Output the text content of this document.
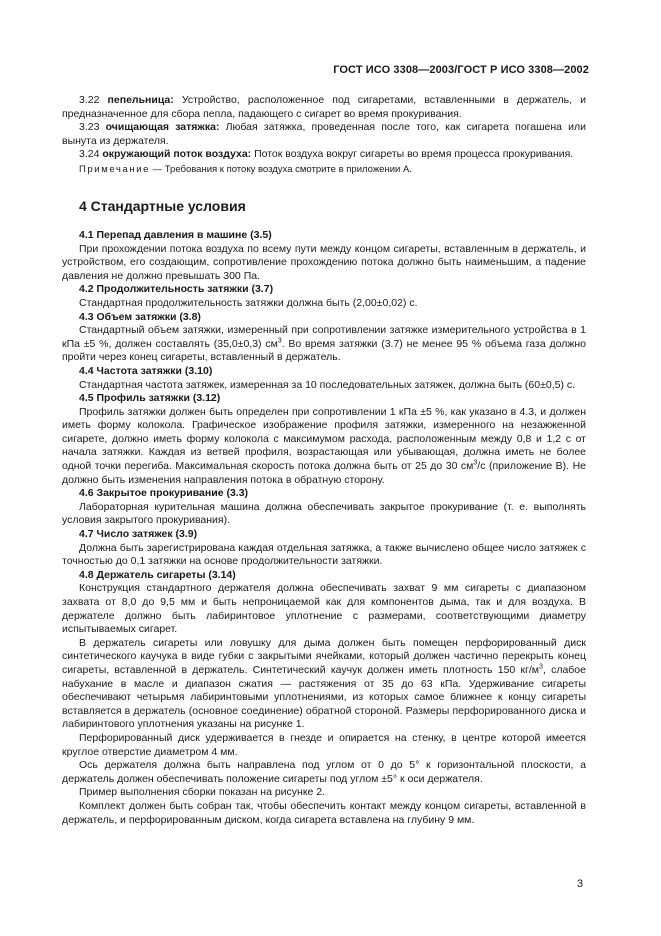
ГОСТ ИСО 3308—2003/ГОСТ Р ИСО 3308—2002

3.22 пепельница: Устройство, расположенное под сигаретами, вставленными в держатель, и предназначенное для сбора пепла, падающего с сигарет во время прокуривания.

3.23 очищающая затяжка: Любая затяжка, проведенная после того, как сигарета погашена или вынута из держателя.

3.24 окружающий поток воздуха: Поток воздуха вокруг сигареты во время процесса прокуривания.

Примечание — Требования к потоку воздуха смотрите в приложении А.

4 Стандартные условия
4.1 Перепад давления в машине (3.5)

При прохождении потока воздуха по всему пути между концом сигареты, вставленным в держатель, и устройством, его создающим, сопротивление прохождению потока должно быть наименьшим, а падение давления не должно превышать 300 Па.

4.2 Продолжительность затяжки (3.7)

Стандартная продолжительность затяжки должна быть (2,00±0,02) с.

4.3 Объем затяжки (3.8)

Стандартный объем затяжки, измеренный при сопротивлении затяжке измерительного устройства в 1 кПа ±5 %, должен составлять (35,0±0,3) $см^3$. Во время затяжки (3.7) не менее 95 % объема газа должно пройти через конец сигареты, вставленный в держатель.

4.4 Частота затяжки (3.10)

Стандартная частота затяжек, измеренная за 10 последовательных затяжек, должна быть (60±0,5) с.

4.5 Профиль затяжки (3.12)

Профиль затяжки должен быть определен при сопротивлении 1 кПа ±5 %, как указано в 4.3, и должен иметь форму колокола. Графическое изображение профиля затяжки, измеренного на незажженной сигарете, должно иметь форму колокола с максимумом расхода, расположенным между 0,8 и 1,2 с от начала затяжки. Каждая из ветвей профиля, возрастающая или убывающая, должна иметь не более одной точки перегиба. Максимальная скорость потока должна быть от 25 до 30 $см^3/с$ (приложение В). Не должно быть изменения направления потока в обратную сторону.

4.6 Закрытое прокуривание (3.3)

Лабораторная курительная машина должна обеспечивать закрытое прокуривание (т. е. выполнять условия закрытого прокуривания).

4.7 Число затяжек (3.9)

Должна быть зарегистрирована каждая отдельная затяжка, а также вычислено общее число затяжек с точностью до 0,1 затяжки на основе продолжительности затяжки.

4.8 Держатель сигареты (3.14)

Конструкция стандартного держателя должна обеспечивать захват 9 мм сигареты с диапазоном захвата от 8,0 до 9,5 мм и быть непроницаемой как для компонентов дыма, так и для воздуха. В держателе должно быть лабиринтовое уплотнение с размерами, соответствующими диаметру испытываемых сигарет.

В держатель сигареты или ловушку для дыма должен быть помещен перфорированный диск синтетического каучука в виде губки с закрытыми ячейками, который должен частично перекрыть конец сигареты, вставленной в держатель. Синтетический каучук должен иметь плотность 150 $кг/м^3$, слабое набухание в масле и диапазон сжатия — растяжения от 35 до 63 кПа. Удерживание сигареты обеспечивают четырьмя лабиринтовыми уплотнениями, из которых самое ближнее к концу сигареты вставляется в держатель (основное соединение) обратной стороной. Размеры перфорированного диска и лабиринтового уплотнения указаны на рисунке 1.

Перфорированный диск удерживается в гнезде и опирается на стенку, в центре которой имеется круглое отверстие диаметром 4 мм.

Ось держателя должна быть направлена под углом от 0 до 5° к горизонтальной плоскости, а держатель должен обеспечивать положение сигареты под углом ±5° к оси держателя.

Пример выполнения сборки показан на рисунке 2.

Комплект должен быть собран так, чтобы обеспечить контакт между концом сигареты, вставленной в держатель, и перфорированным диском, когда сигарета вставлена на глубину 9 мм.

3
